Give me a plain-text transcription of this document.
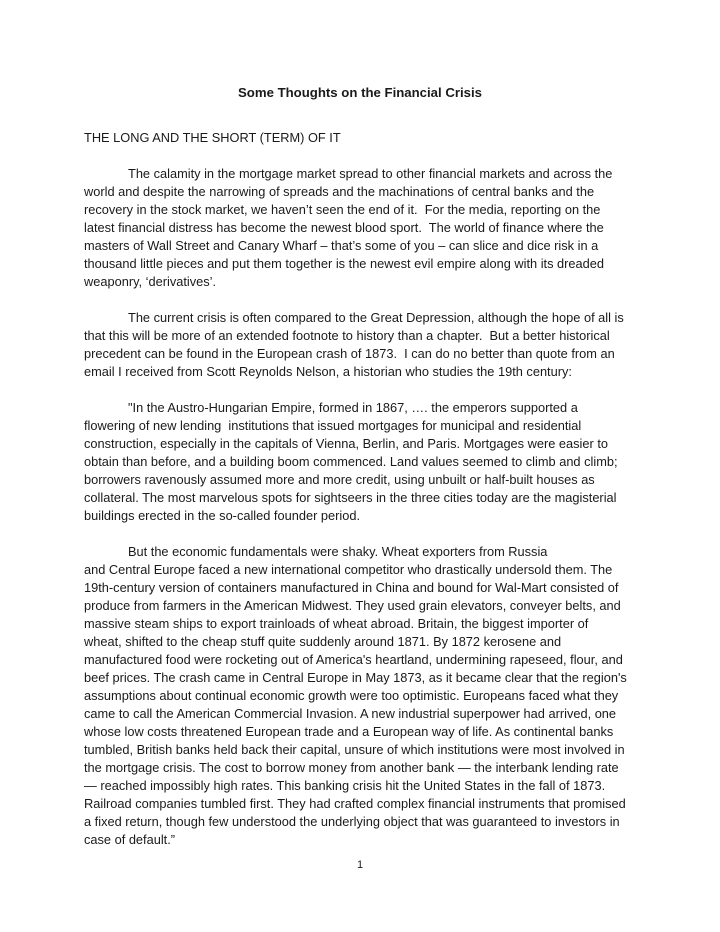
Some Thoughts on the Financial Crisis
THE LONG AND THE SHORT (TERM) OF IT
The calamity in the mortgage market spread to other financial markets and across the
world and despite the narrowing of spreads and the machinations of central banks and the
recovery in the stock market, we haven’t seen the end of it.  For the media, reporting on the
latest financial distress has become the newest blood sport.  The world of finance where the
masters of Wall Street and Canary Wharf – that’s some of you – can slice and dice risk in a
thousand little pieces and put them together is the newest evil empire along with its dreaded
weaponry, ‘derivatives’.
The current crisis is often compared to the Great Depression, although the hope of all is
that this will be more of an extended footnote to history than a chapter.  But a better historical
precedent can be found in the European crash of 1873.  I can do no better than quote from an
email I received from Scott Reynolds Nelson, a historian who studies the 19th century:
"In the Austro-Hungarian Empire, formed in 1867, …. the emperors supported a
flowering of new lending  institutions that issued mortgages for municipal and residential
construction, especially in the capitals of Vienna, Berlin, and Paris. Mortgages were easier to
obtain than before, and a building boom commenced. Land values seemed to climb and climb;
borrowers ravenously assumed more and more credit, using unbuilt or half-built houses as
collateral. The most marvelous spots for sightseers in the three cities today are the magisterial
buildings erected in the so-called founder period.
But the economic fundamentals were shaky. Wheat exporters from Russia
and Central Europe faced a new international competitor who drastically undersold them. The
19th-century version of containers manufactured in China and bound for Wal-Mart consisted of
produce from farmers in the American Midwest. They used grain elevators, conveyer belts, and
massive steam ships to export trainloads of wheat abroad. Britain, the biggest importer of
wheat, shifted to the cheap stuff quite suddenly around 1871. By 1872 kerosene and
manufactured food were rocketing out of America's heartland, undermining rapeseed, flour, and
beef prices. The crash came in Central Europe in May 1873, as it became clear that the region's
assumptions about continual economic growth were too optimistic. Europeans faced what they
came to call the American Commercial Invasion. A new industrial superpower had arrived, one
whose low costs threatened European trade and a European way of life. As continental banks
tumbled, British banks held back their capital, unsure of which institutions were most involved in
the mortgage crisis. The cost to borrow money from another bank — the interbank lending rate
— reached impossibly high rates. This banking crisis hit the United States in the fall of 1873.
Railroad companies tumbled first. They had crafted complex financial instruments that promised
a fixed return, though few understood the underlying object that was guaranteed to investors in
case of default.”
1
